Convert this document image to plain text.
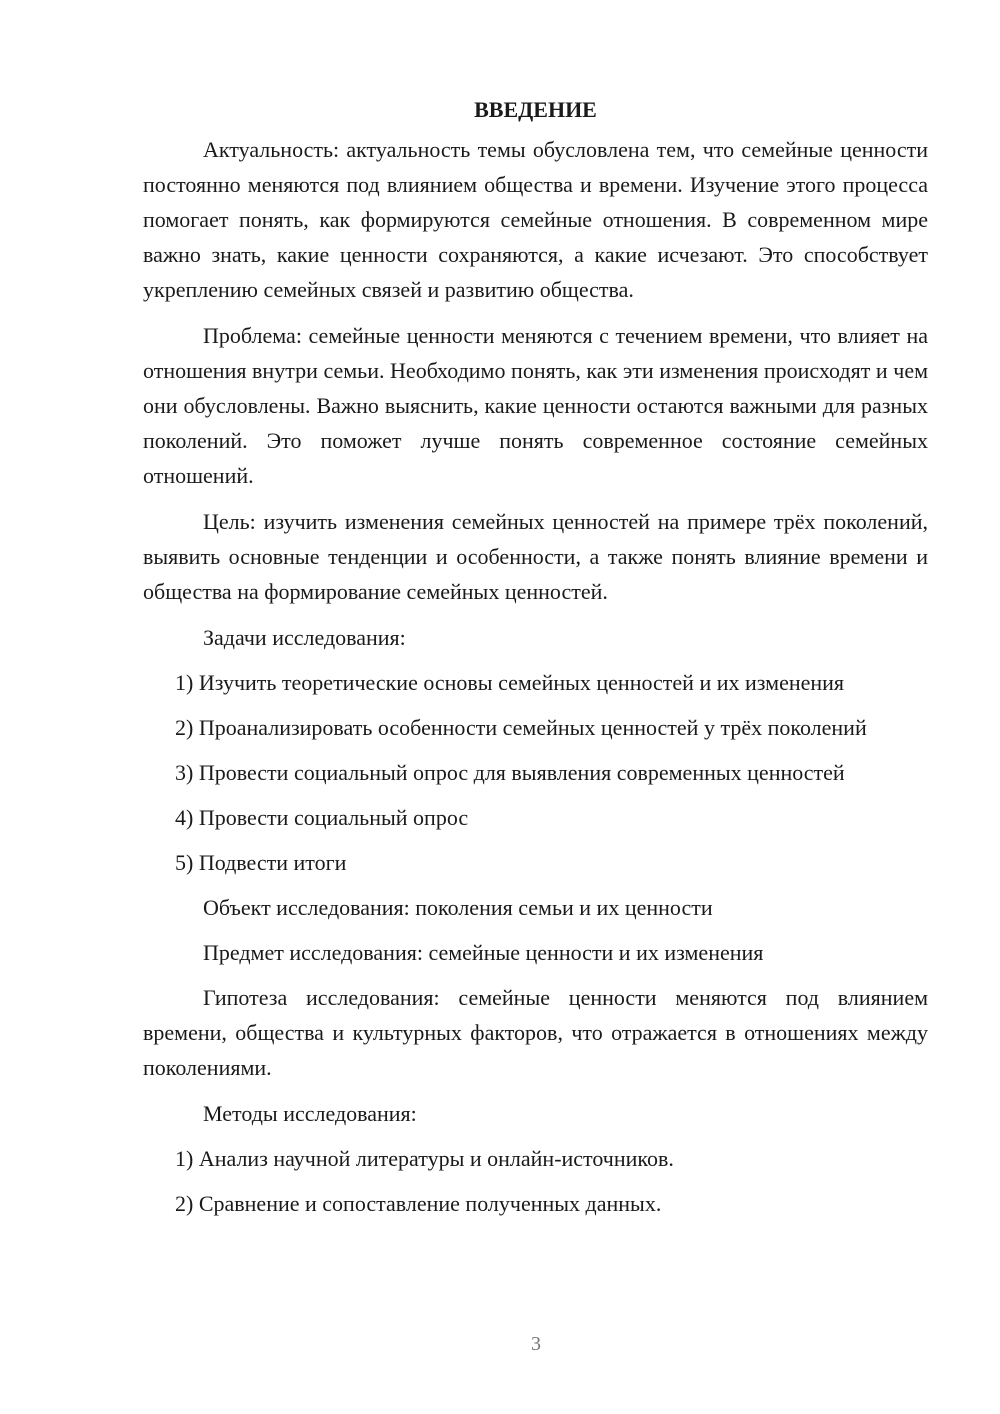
ВВЕДЕНИЕ

Актуальность: актуальность темы обусловлена тем, что семейные ценности постоянно меняются под влиянием общества и времени. Изучение этого процесса помогает понять, как формируются семейные отношения. В современном мире важно знать, какие ценности сохраняются, а какие исчезают. Это способствует укреплению семейных связей и развитию общества.

Проблема: семейные ценности меняются с течением времени, что влияет на отношения внутри семьи. Необходимо понять, как эти изменения происходят и чем они обусловлены. Важно выяснить, какие ценности остаются важными для разных поколений. Это поможет лучше понять современное состояние семейных отношений.

Цель: изучить изменения семейных ценностей на примере трёх поколений, выявить основные тенденции и особенности, а также понять влияние времени и общества на формирование семейных ценностей.

Задачи исследования:

1) Изучить теоретические основы семейных ценностей и их изменения

2) Проанализировать особенности семейных ценностей у трёх поколений

3) Провести социальный опрос для выявления современных ценностей

4) Провести социальный опрос

5) Подвести итоги

Объект исследования: поколения семьи и их ценности

Предмет исследования: семейные ценности и их изменения

Гипотеза исследования: семейные ценности меняются под влиянием времени, общества и культурных факторов, что отражается в отношениях между поколениями.

Методы исследования:

1) Анализ научной литературы и онлайн-источников.

2) Сравнение и сопоставление полученных данных.

3
